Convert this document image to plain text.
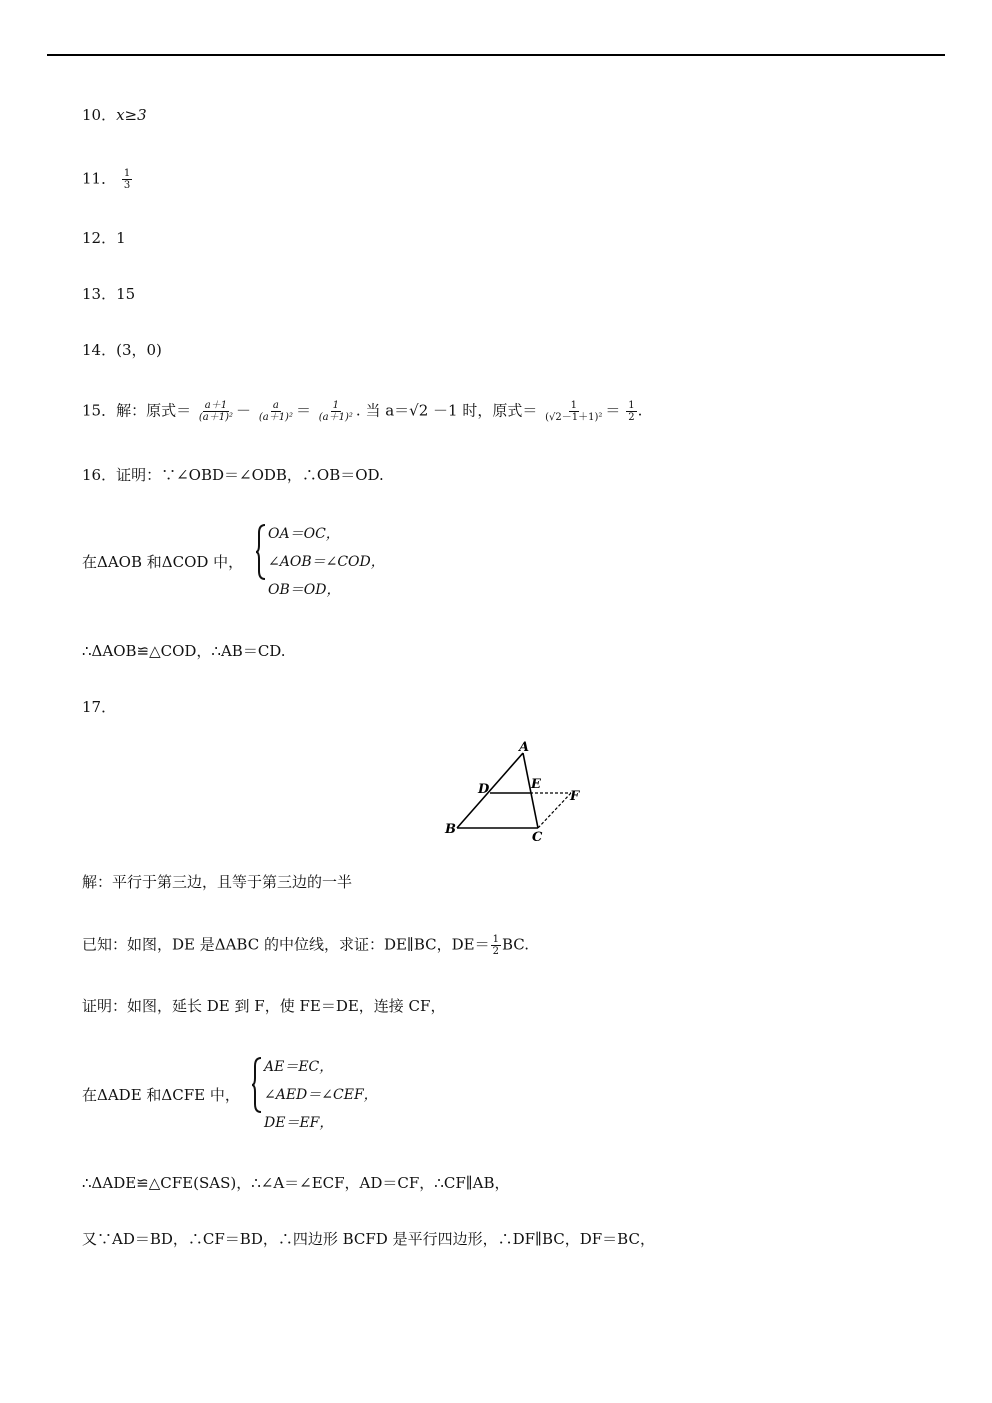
10．x≥3
11． $\frac{1}{3}$
12．1
13．15
14．(3，0)
15．解：原式＝ $\frac{a+1}{\text{(a＋1)²}} - \frac{a}{\text{(a＋1)²}} = \frac{1}{\text{(a＋1)²}}$ . 当 a＝√2 －1 时，原式＝ $\frac{1}{\text{(√2－1＋1)²}} = \frac{1}{2}$ .
16．证明：∵∠OBD＝∠ODB，∴OB＝OD.
在ΔAOB 和ΔCOD 中，
OA＝OC，
∠AOB＝∠COD，
OB＝OD，
∴ΔAOB≌△COD，∴AB＝CD.
17．
A
B
C
D	E
F
解：平行于第三边，且等于第三边的一半
已知：如图，DE 是ΔABC 的中位线，求证：DE∥BC，$DE= \frac{1}{2}$ BC.
证明：如图，延长 DE 到 F，使 FE＝DE，连接 CF，
在ΔADE 和ΔCFE 中，
AE＝EC，
∠AED＝∠CEF，
DE＝EF，
∴ΔADE≌△CFE(SAS)，∴∠A＝∠ECF，AD＝CF，∴CF∥AB，
又∵AD＝BD，∴CF＝BD，∴四边形 BCFD 是平行四边形，∴DF∥BC，DF＝BC，
